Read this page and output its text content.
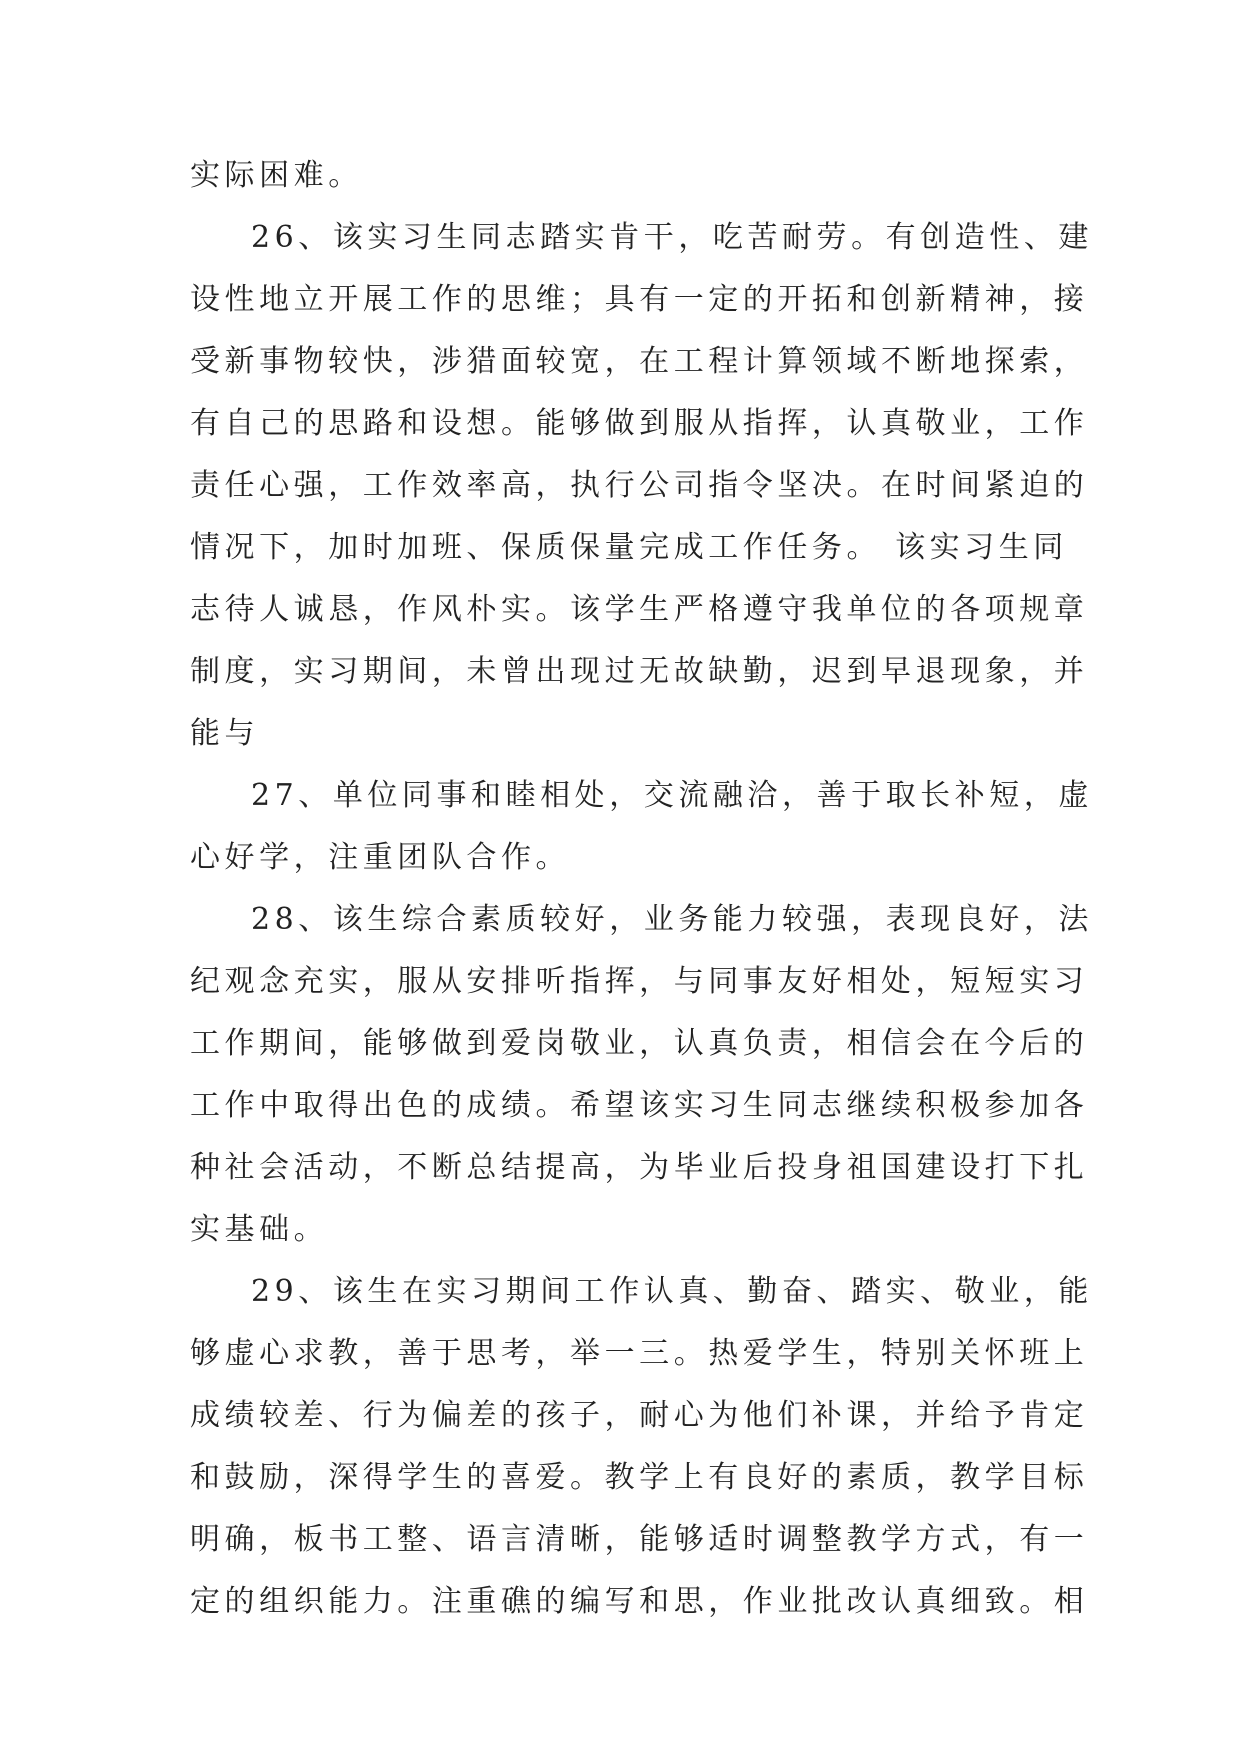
实际困难。
26、该实习生同志踏实肯干，吃苦耐劳。有创造性、建
设性地立开展工作的思维；具有一定的开拓和创新精神，接
受新事物较快，涉猎面较宽，在工程计算领域不断地探索，
有自己的思路和设想。能够做到服从指挥，认真敬业，工作
责任心强，工作效率高，执行公司指令坚决。在时间紧迫的
情况下，加时加班、保质保量完成工作任务。 该实习生同
志待人诚恳，作风朴实。该学生严格遵守我单位的各项规章
制度，实习期间，未曾出现过无故缺勤，迟到早退现象，并
能与
27、单位同事和睦相处，交流融洽，善于取长补短，虚
心好学，注重团队合作。
28、该生综合素质较好，业务能力较强，表现良好，法
纪观念充实，服从安排听指挥，与同事友好相处，短短实习
工作期间，能够做到爱岗敬业，认真负责，相信会在今后的
工作中取得出色的成绩。希望该实习生同志继续积极参加各
种社会活动，不断总结提高，为毕业后投身祖国建设打下扎
实基础。
29、该生在实习期间工作认真、勤奋、踏实、敬业，能
够虚心求教，善于思考，举一三。热爱学生，特别关怀班上
成绩较差、行为偏差的孩子，耐心为他们补课，并给予肯定
和鼓励，深得学生的喜爱。教学上有良好的素质，教学目标
明确，板书工整、语言清晰，能够适时调整教学方式，有一
定的组织能力。注重礁的编写和思，作业批改认真细致。相
